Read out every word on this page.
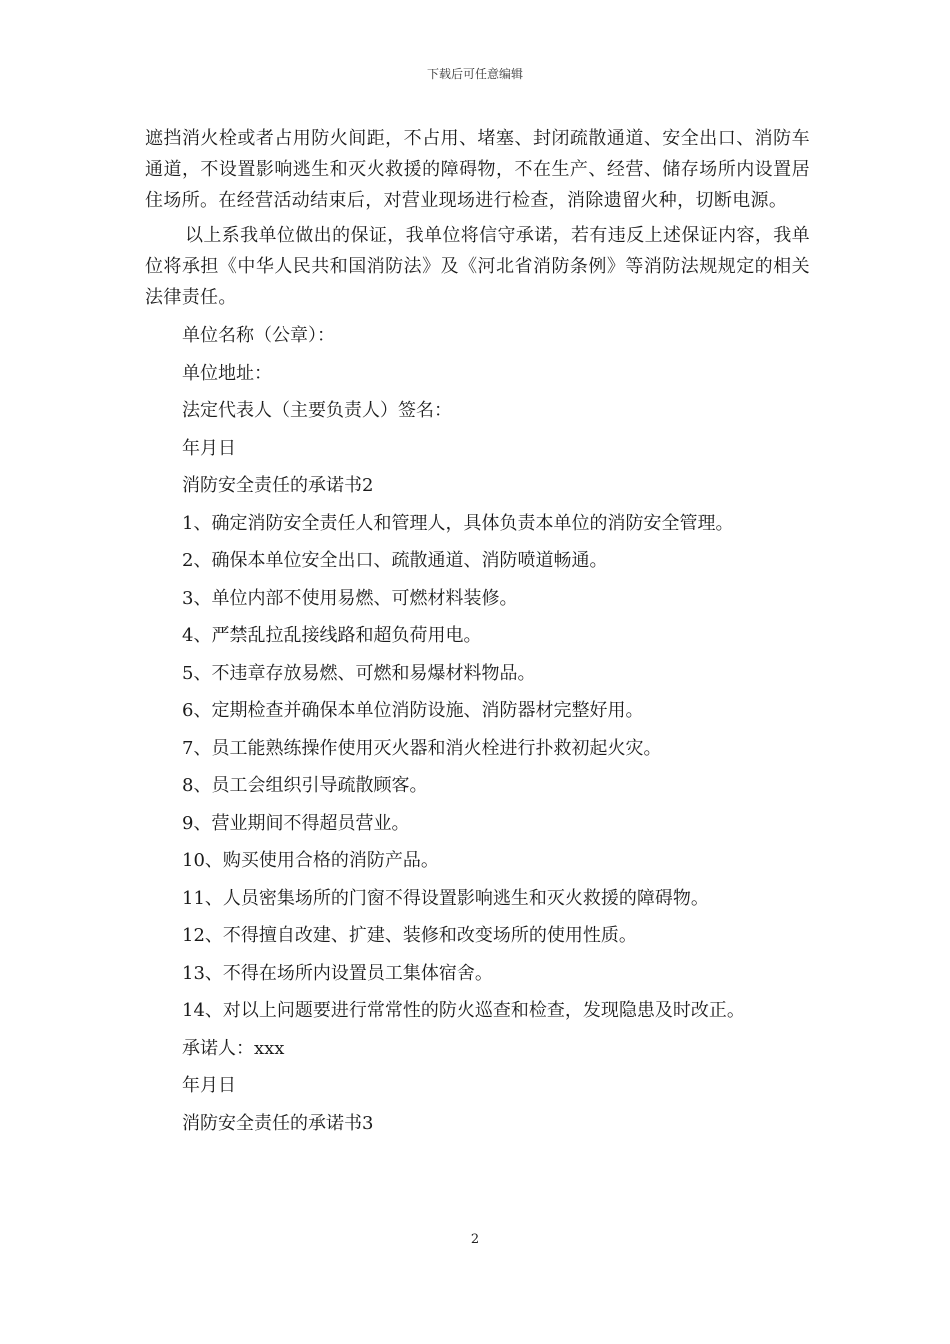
下载后可任意编辑

遮挡消火栓或者占用防火间距，不占用、堵塞、封闭疏散通道、安全出口、消防车通道，不设置影响逃生和灭火救援的障碍物，不在生产、经营、储存场所内设置居住场所。在经营活动结束后，对营业现场进行检查，消除遗留火种，切断电源。

以上系我单位做出的保证，我单位将信守承诺，若有违反上述保证内容，我单位将承担《中华人民共和国消防法》及《河北省消防条例》等消防法规规定的相关法律责任。

单位名称（公章）：

单位地址：

法定代表人（主要负责人）签名：

年月日

消防安全责任的承诺书2

1、确定消防安全责任人和管理人，具体负责本单位的消防安全管理。

2、确保本单位安全出口、疏散通道、消防喷道畅通。

3、单位内部不使用易燃、可燃材料装修。

4、严禁乱拉乱接线路和超负荷用电。

5、不违章存放易燃、可燃和易爆材料物品。

6、定期检查并确保本单位消防设施、消防器材完整好用。

7、员工能熟练操作使用灭火器和消火栓进行扑救初起火灾。

8、员工会组织引导疏散顾客。

9、营业期间不得超员营业。

10、购买使用合格的消防产品。

11、人员密集场所的门窗不得设置影响逃生和灭火救援的障碍物。

12、不得擅自改建、扩建、装修和改变场所的使用性质。

13、不得在场所内设置员工集体宿舍。

14、对以上问题要进行常常性的防火巡查和检查，发现隐患及时改正。

承诺人：xxx

年月日

消防安全责任的承诺书3

2
